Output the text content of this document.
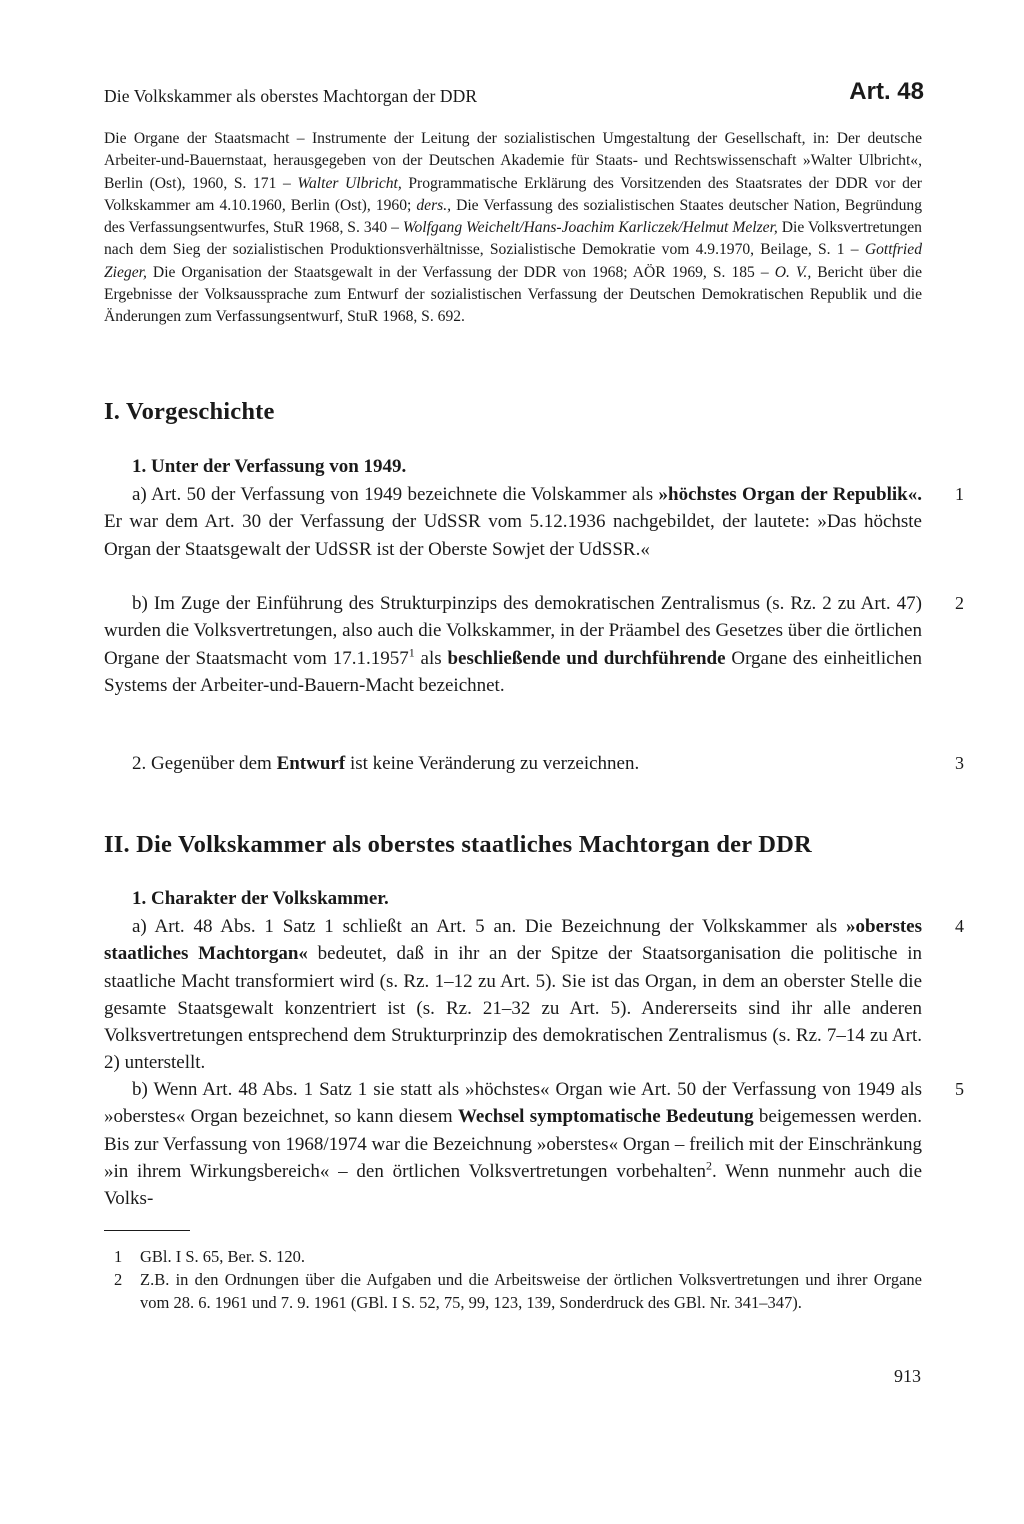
Die Volkskammer als oberstes Machtorgan der DDR	Art. 48
Die Organe der Staatsmacht – Instrumente der Leitung der sozialistischen Umgestaltung der Gesellschaft, in: Der deutsche Arbeiter-und-Bauernstaat, herausgegeben von der Deutschen Akademie für Staats- und Rechtswissenschaft »Walter Ulbricht«, Berlin (Ost), 1960, S. 171 – Walter Ulbricht, Programmatische Erklärung des Vorsitzenden des Staatsrates der DDR vor der Volkskammer am 4.10.1960, Berlin (Ost), 1960; ders., Die Verfassung des sozialistischen Staates deutscher Nation, Begründung des Verfassungsentwurfes, StuR 1968, S. 340 – Wolfgang Weichelt/Hans-Joachim Karliczek/Helmut Melzer, Die Volksvertretungen nach dem Sieg der sozialistischen Produktionsverhältnisse, Sozialistische Demokratie vom 4.9.1970, Beilage, S. 1 – Gottfried Zieger, Die Organisation der Staatsgewalt in der Verfassung der DDR von 1968; AÖR 1969, S. 185 – O. V., Bericht über die Ergebnisse der Volksaussprache zum Entwurf der sozialistischen Verfassung der Deutschen Demokratischen Republik und die Änderungen zum Verfassungsentwurf, StuR 1968, S. 692.
I. Vorgeschichte
1. Unter der Verfassung von 1949.
a) Art. 50 der Verfassung von 1949 bezeichnete die Volskammer als »höchstes Organ der Republik«. Er war dem Art. 30 der Verfassung der UdSSR vom 5.12.1936 nachgebildet, der lautete: »Das höchste Organ der Staatsgewalt der UdSSR ist der Oberste Sowjet der UdSSR.«
1
b) Im Zuge der Einführung des Strukturpinzips des demokratischen Zentralismus (s. Rz. 2 zu Art. 47) wurden die Volksvertretungen, also auch die Volkskammer, in der Präambel des Gesetzes über die örtlichen Organe der Staatsmacht vom 17.1.1957$^1$ als beschließende und durchführende Organe des einheitlichen Systems der Arbeiter-und-Bauern-Macht bezeichnet.
2
2. Gegenüber dem Entwurf ist keine Veränderung zu verzeichnen.	3
II. Die Volkskammer als oberstes staatliches Machtorgan der DDR
1. Charakter der Volkskammer.
a) Art. 48 Abs. 1 Satz 1 schließt an Art. 5 an. Die Bezeichnung der Volkskammer als »oberstes staatliches Machtorgan« bedeutet, daß in ihr an der Spitze der Staatsorganisation die politische in staatliche Macht transformiert wird (s. Rz. 1–12 zu Art. 5). Sie ist das Organ, in dem an oberster Stelle die gesamte Staatsgewalt konzentriert ist (s. Rz. 21–32 zu Art. 5). Andererseits sind ihr alle anderen Volksvertretungen entsprechend dem Strukturprinzip des demokratischen Zentralismus (s. Rz. 7–14 zu Art. 2) unterstellt.
4
b) Wenn Art. 48 Abs. 1 Satz 1 sie statt als »höchstes« Organ wie Art. 50 der Verfassung von 1949 als »oberstes« Organ bezeichnet, so kann diesem Wechsel symptomatische Bedeutung beigemessen werden. Bis zur Verfassung von 1968/1974 war die Bezeichnung »oberstes« Organ – freilich mit der Einschränkung »in ihrem Wirkungsbereich« – den örtlichen Volksvertretungen vorbehalten$^2$. Wenn nunmehr auch die Volks-
5
1 GBl. I S. 65, Ber. S. 120.
2 Z.B. in den Ordnungen über die Aufgaben und die Arbeitsweise der örtlichen Volksvertretungen und ihrer Organe vom 28. 6. 1961 und 7. 9. 1961 (GBl. I S. 52, 75, 99, 123, 139, Sonderdruck des GBl. Nr. 341–347).
913
